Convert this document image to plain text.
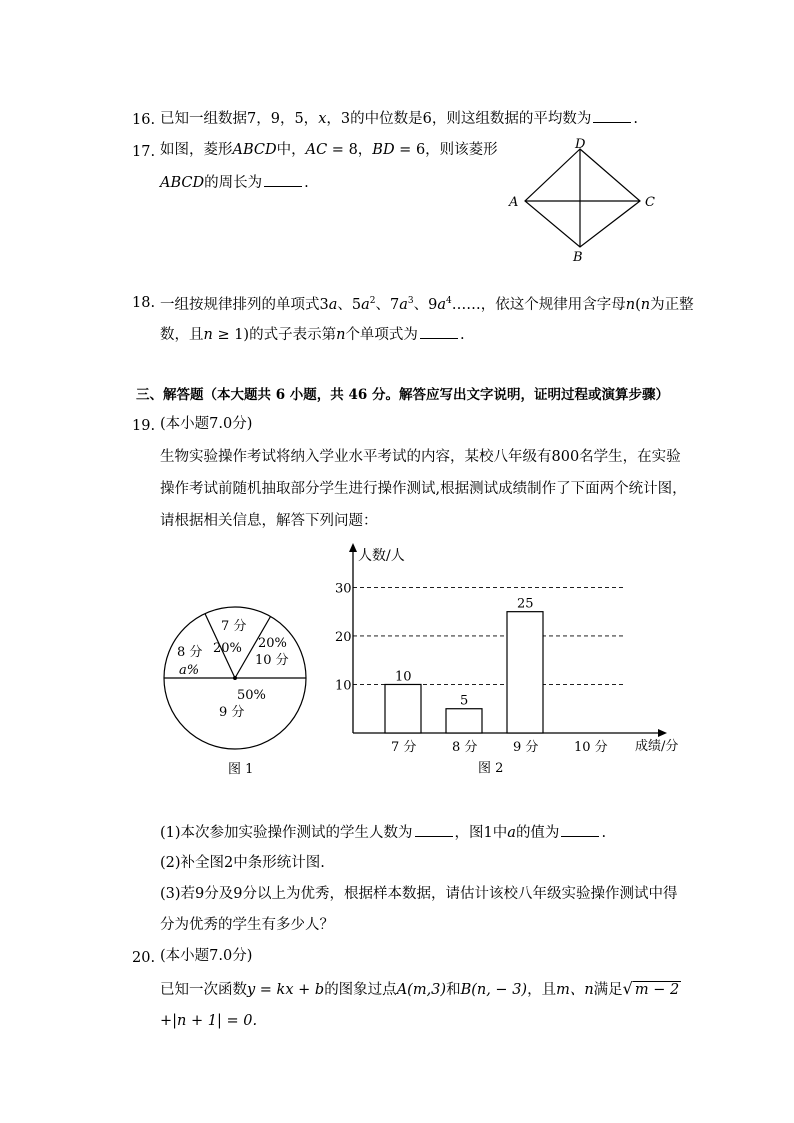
16. 已知一组数据7，9，5，x，3的中位数是6，则这组数据的平均数为	.
17. 如图，菱形ABCD中，AC = 8，BD = 6，则该菱形
ABCD的周长为	.
D
A	C
B
18. 一组按规律排列的单项式3a、$5a^2$、$7a^3$、$9a^4\dots\dots$，依这个规律用含字母n(n为正整
数，且n ≥ 1)的式子表示第n个单项式为	.
三、解答题（本大题共 6 小题，共 46 分。解答应写出文字说明，证明过程或演算步骤）
19. (本小题7.0分)
生物实验操作考试将纳入学业水平考试的内容，某校八年级有800名学生，在实验
操作考试前随机抽取部分学生进行操作测试,根据测试成绩制作了下面两个统计图，
请根据相关信息，解答下列问题：
7 分
20%
8 分
a%
20%
10 分
50%
9 分
图 1
10
20
30
7 分
10
8 分
5
9 分
25
10 分
人数/人
成绩/分
图 2
(1)本次参加实验操作测试的学生人数为	，图1中a的值为	.
(2)补全图2中条形统计图.
(3)若9分及9分以上为优秀，根据样本数据，请估计该校八年级实验操作测试中得
分为优秀的学生有多少人？
20. (本小题7.0分)
已知一次函数y = kx + b的图象过点A(m,3)和B(n, − 3)，且m、n满足√ m − 2
+|n + 1| = 0.
